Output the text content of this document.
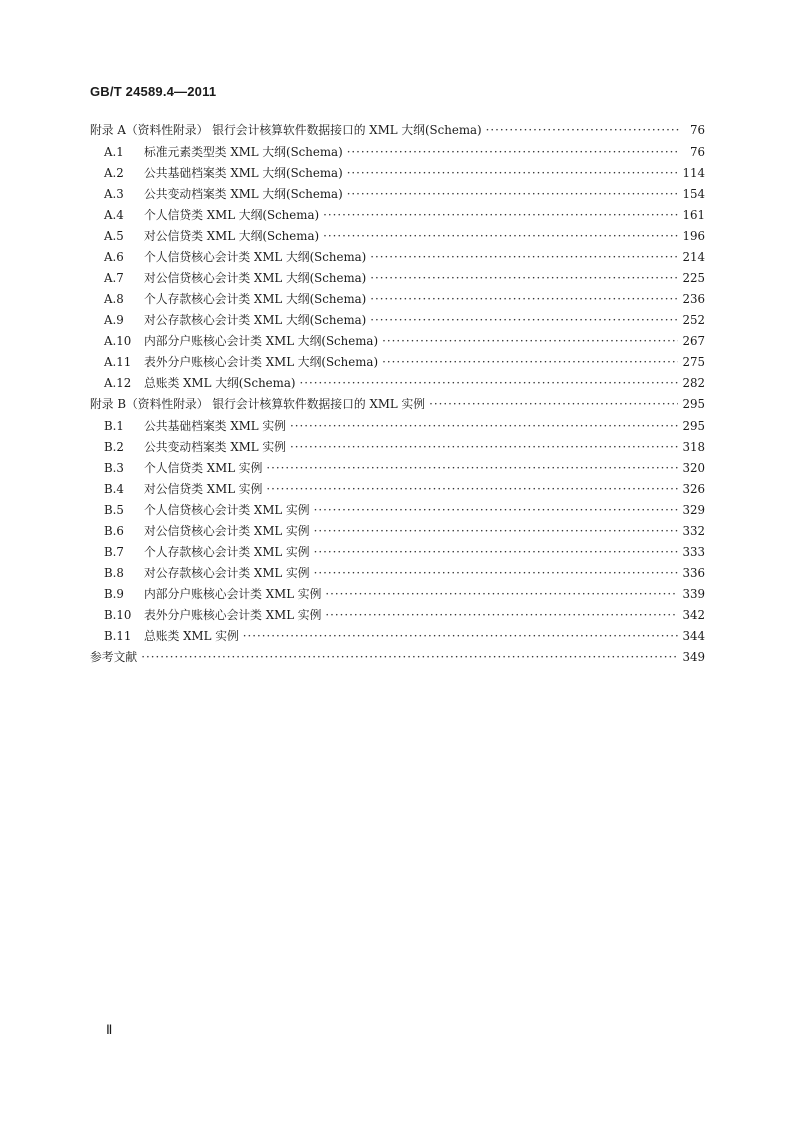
GB/T 24589.4—2011
附录 A（资料性附录） 银行会计核算软件数据接口的 XML 大纲(Schema) ·····	76
A.1	标准元素类型类 XML 大纲(Schema) ·····	76
A.2	公共基础档案类 XML 大纲(Schema) ·····	114
A.3	公共变动档案类 XML 大纲(Schema) ·····	154
A.4	个人信贷类 XML 大纲(Schema) ·····	161
A.5	对公信贷类 XML 大纲(Schema) ·····	196
A.6	个人信贷核心会计类 XML 大纲(Schema) ·····	214
A.7	对公信贷核心会计类 XML 大纲(Schema) ·····	225
A.8	个人存款核心会计类 XML 大纲(Schema) ·····	236
A.9	对公存款核心会计类 XML 大纲(Schema) ·····	252
A.10	内部分户账核心会计类 XML 大纲(Schema) ·····	267
A.11	表外分户账核心会计类 XML 大纲(Schema) ·····	275
A.12	总账类 XML 大纲(Schema) ·····	282
附录 B（资料性附录） 银行会计核算软件数据接口的 XML 实例 ·····	295
B.1	公共基础档案类 XML 实例 ·····	295
B.2	公共变动档案类 XML 实例 ·····	318
B.3	个人信贷类 XML 实例 ·····	320
B.4	对公信贷类 XML 实例 ·····	326
B.5	个人信贷核心会计类 XML 实例 ·····	329
B.6	对公信贷核心会计类 XML 实例 ·····	332
B.7	个人存款核心会计类 XML 实例 ·····	333
B.8	对公存款核心会计类 XML 实例 ·····	336
B.9	内部分户账核心会计类 XML 实例 ·····	339
B.10	表外分户账核心会计类 XML 实例 ·····	342
B.11	总账类 XML 实例 ·····	344
参考文献 ·····	349
Ⅱ
